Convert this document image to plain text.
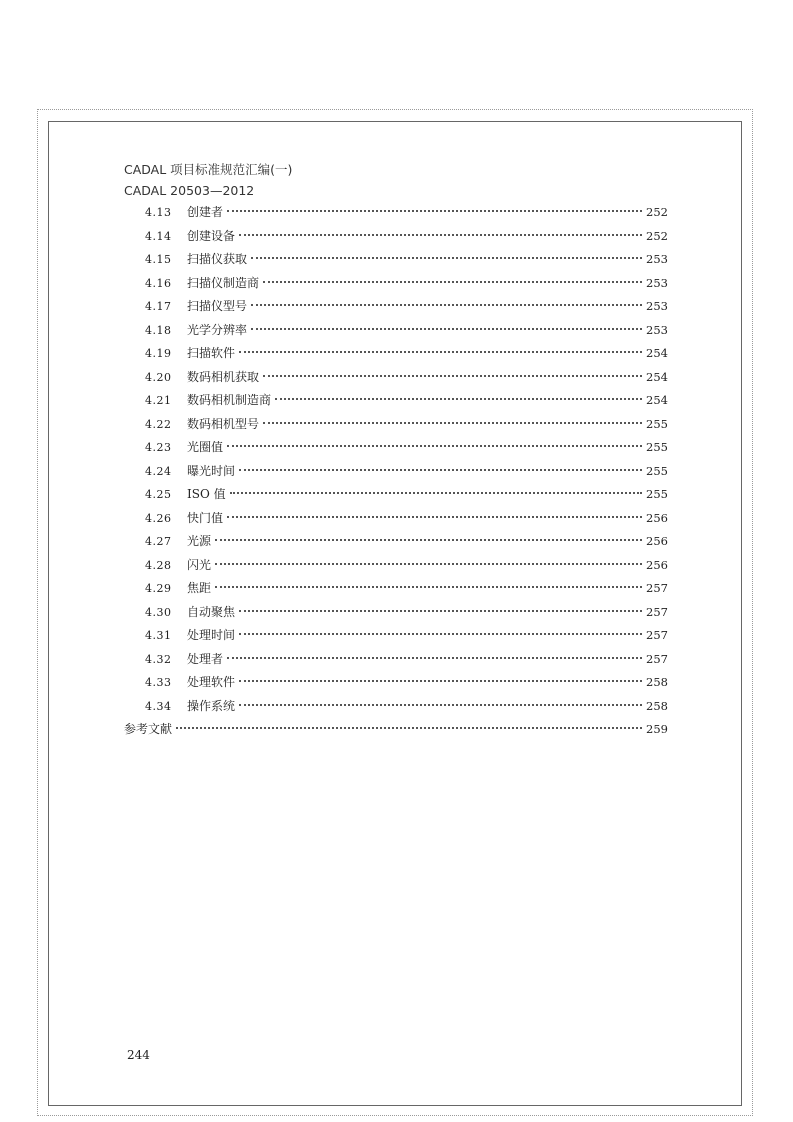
CADAL 项目标准规范汇编(一)
CADAL 20503—2012
4.13	创建者	252
4.14	创建设备	252
4.15	扫描仪获取	253
4.16	扫描仪制造商	253
4.17	扫描仪型号	253
4.18	光学分辨率	253
4.19	扫描软件	254
4.20	数码相机获取	254
4.21	数码相机制造商	254
4.22	数码相机型号	255
4.23	光圈值	255
4.24	曝光时间	255
4.25	ISO 值	255
4.26	快门值	256
4.27	光源	256
4.28	闪光	256
4.29	焦距	257
4.30	自动聚焦	257
4.31	处理时间	257
4.32	处理者	257
4.33	处理软件	258
4.34	操作系统	258
参考文献	259
244
